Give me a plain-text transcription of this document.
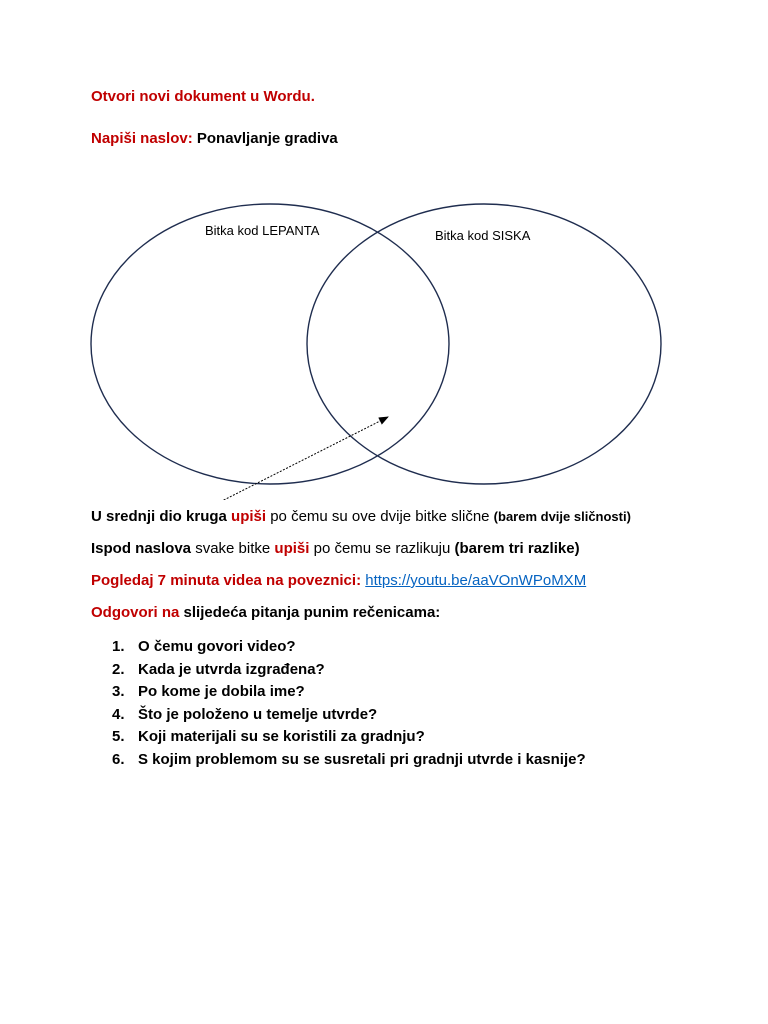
Otvori novi dokument u Wordu.
Napiši naslov: Ponavljanje gradiva
Bitka kod LEPANTA	Bitka kod SISKA
U srednji dio kruga upiši po čemu su ove dvije bitke slične (barem dvije sličnosti)
Ispod naslova svake bitke upiši po čemu se razlikuju (barem tri razlike)
Pogledaj 7 minuta videa na poveznici: https://youtu.be/aaVOnWPoMXM
Odgovori na slijedeća pitanja punim rečenicama:
1. O čemu govori video?
2. Kada je utvrda izgrađena?
3. Po kome je dobila ime?
4. Što je položeno u temelje utvrde?
5. Koji materijali su se koristili za gradnju?
6. S kojim problemom su se susretali pri gradnji utvrde i kasnije?
